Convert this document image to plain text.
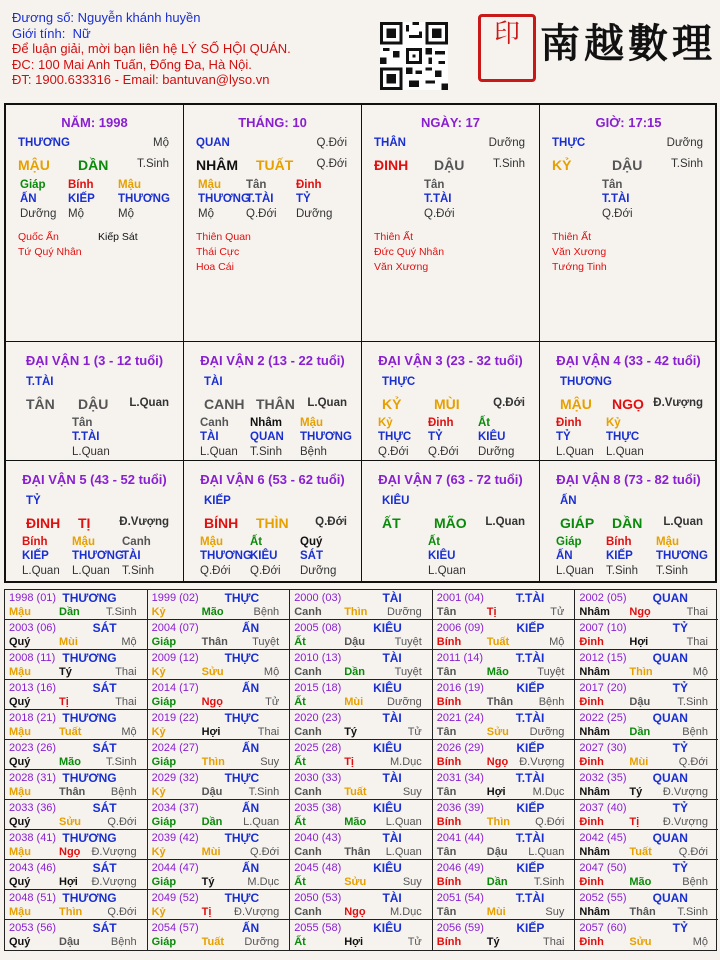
Đương số: Nguyễn khánh huyền
Giới tính: Nữ
Để luận giải, mời bạn liên hệ LÝ SỐ HỘI QUÁN.
ĐC: 100 Mai Anh Tuấn, Đống Đa, Hà Nội.
ĐT: 1900.633316 - Email: bantuvan@lyso.vn
印 南越數理
NĂM: 1998
THƯƠNG	Mộ
MẬU DẦN T.Sinh
Giáp
ẤN
Dưỡng
Bính
KIẾP
Mộ
Mậu
THƯƠNG
Mộ
Quốc Ấn
Tứ Quý Nhân
Kiếp Sát
THÁNG: 10
QUAN	Q.Đới
NHÂM TUẤT Q.Đới
Mậu
THƯƠNG
Mộ
Tân
T.TÀI
Q.Đới
Đinh
TỶ
Dưỡng
Thiên Quan
Thái Cực
Hoa Cái
NGÀY: 17
THÂN	Dưỡng
ĐINH DẬU T.Sinh
Tân
T.TÀI
Q.Đới
Thiên Ất
Đức Quý Nhân
Văn Xương
GIỜ: 17:15
THỰC	Dưỡng
KỶ	DẬU T.Sinh
Tân
T.TÀI
Q.Đới
Thiên Ất
Văn Xương
Tướng Tinh
ĐẠI VẬN 1 (3 - 12 tuổi)
T.TÀI
TÂN DẬU L.Quan
Tân
T.TÀI
L.Quan
ĐẠI VẬN 2 (13 - 22 tuổi)
TÀI
CANH THÂN L.Quan
Canh
TÀI
L.Quan
Nhâm
QUAN
T.Sinh
Mậu
THƯƠNG
Bệnh
ĐẠI VẬN 3 (23 - 32 tuổi)
THỰC
KỶ MÙI	Q.Đới
Kỷ
THỰC
Q.Đới
Đinh
TỶ
Q.Đới
Ất
KIÊU
Dưỡng
ĐẠI VẬN 4 (33 - 42 tuổi)
THƯƠNG
MẬU NGỌ Đ.Vượng
Đinh
TỶ
L.Quan
Kỷ
THỰC
L.Quan
ĐẠI VẬN 5 (43 - 52 tuổi)
TỶ
ĐINH TỊ	Đ.Vượng
Bính
KIẾP
L.Quan
Mậu
THƯƠNG
L.Quan
Canh
TÀI
T.Sinh
ĐẠI VẬN 6 (53 - 62 tuổi)
KIẾP
BÍNH THÌN Q.Đới
Mậu
THƯƠNG
Q.Đới
Ất
KIÊU
Q.Đới
Quý
SÁT
Dưỡng
ĐẠI VẬN 7 (63 - 72 tuổi)
KIÊU
ẤT MÃO L.Quan
Ất
KIÊU
L.Quan
ĐẠI VẬN 8 (73 - 82 tuổi)
ẤN
GIÁP DẦN L.Quan
Giáp
ẤN
L.Quan
Bính
KIẾP
T.Sinh
Mậu
THƯƠNG
T.Sinh
1998 (01) THƯƠNG
Mậu	Dần T.Sinh
1999 (02) THỰC
Kỷ	Mão	Bệnh
2000 (03)	TÀI
Canh Thìn Dưỡng
2001 (04)	T.TÀI
Tân	Tị	Tử
2002 (05) QUAN
Nhâm Ngọ	Thai
2003 (06)	SÁT
Quý	Mùi	Mộ
2004 (07)	ẤN
Giáp Thân Tuyệt
2005 (08)	KIÊU
Ất	Dậu	Tuyệt
2006 (09)	KIẾP
Bính Tuất	Mộ
2007 (10)	TỶ
Đinh Hợi	Thai
2008 (11) THƯƠNG
Mậu	Tý	Thai
2009 (12) THỰC
Kỷ	Sửu	Mộ
2010 (13)	TÀI
Canh Dần	Tuyệt
2011 (14)	T.TÀI
Tân	Mão	Tuyệt
2012 (15) QUAN
Nhâm Thìn	Mộ
2013 (16)	SÁT
Quý	Tị	Thai
2014 (17)	ẤN
Giáp Ngọ	Tử
2015 (18)	KIÊU
Ất	Mùi Dưỡng
2016 (19)	KIẾP
Bính Thân Bệnh
2017 (20)	TỶ
Đinh Dậu T.Sinh
2018 (21) THƯƠNG
Mậu	Tuất	Mộ
2019 (22) THỰC
Kỷ	Hợi	Thai
2020 (23)	TÀI
Canh Tý	Tử
2021 (24)	T.TÀI
Tân	Sửu Dưỡng
2022 (25) QUAN
Nhâm Dần	Bệnh
2023 (26)	SÁT
Quý	Mão T.Sinh
2024 (27)	ẤN
Giáp Thìn	Suy
2025 (28)	KIÊU
Ất	Tị	M.Dục
2026 (29)	KIẾP
Bính Ngọ Đ.Vượng
2027 (30)	TỶ
Đinh Mùi	Q.Đới
2028 (31) THƯƠNG
Mậu	Thân Bệnh
2029 (32) THỰC
Kỷ	Dậu T.Sinh
2030 (33)	TÀI
Canh Tuất	Suy
2031 (34)	T.TÀI
Tân	Hợi M.Dục
2032 (35) QUAN
Nhâm Tý Đ.Vượng
2033 (36)	SÁT
Quý	Sửu Q.Đới
2034 (37)	ẤN
Giáp Dần L.Quan
2035 (38)	KIÊU
Ất	Mão L.Quan
2036 (39)	KIẾP
Bính Thìn Q.Đới
2037 (40)	TỶ
Đinh Tị Đ.Vượng
2038 (41) THƯƠNG
Mậu	Ngọ Đ.Vượng
2039 (42) THỰC
Kỷ	Mùi	Q.Đới
2040 (43)	TÀI
Canh Thân L.Quan
2041 (44)	T.TÀI
Tân	Dậu L.Quan
2042 (45) QUAN
Nhâm Tuất Q.Đới
2043 (46)	SÁT
Quý	Hợi Đ.Vượng
2044 (47)	ẤN
Giáp Tý	M.Dục
2045 (48)	KIÊU
Ất	Sửu	Suy
2046 (49)	KIẾP
Bính Dần T.Sinh
2047 (50)	TỶ
Đinh Mão	Bệnh
2048 (51) THƯƠNG
Mậu	Thìn Q.Đới
2049 (52) THỰC
Kỷ	Tị Đ.Vượng
2050 (53)	TÀI
Canh Ngọ M.Dục
2051 (54)	T.TÀI
Tân	Mùi	Suy
2052 (55) QUAN
Nhâm Thân T.Sinh
2053 (56)	SÁT
Quý	Dậu	Bệnh
2054 (57)	ẤN
Giáp Tuất Dưỡng
2055 (58)	KIÊU
Ất	Hợi	Tử
2056 (59)	KIẾP
Bính Tý	Thai
2057 (60)	TỶ
Đinh Sửu	Mộ
